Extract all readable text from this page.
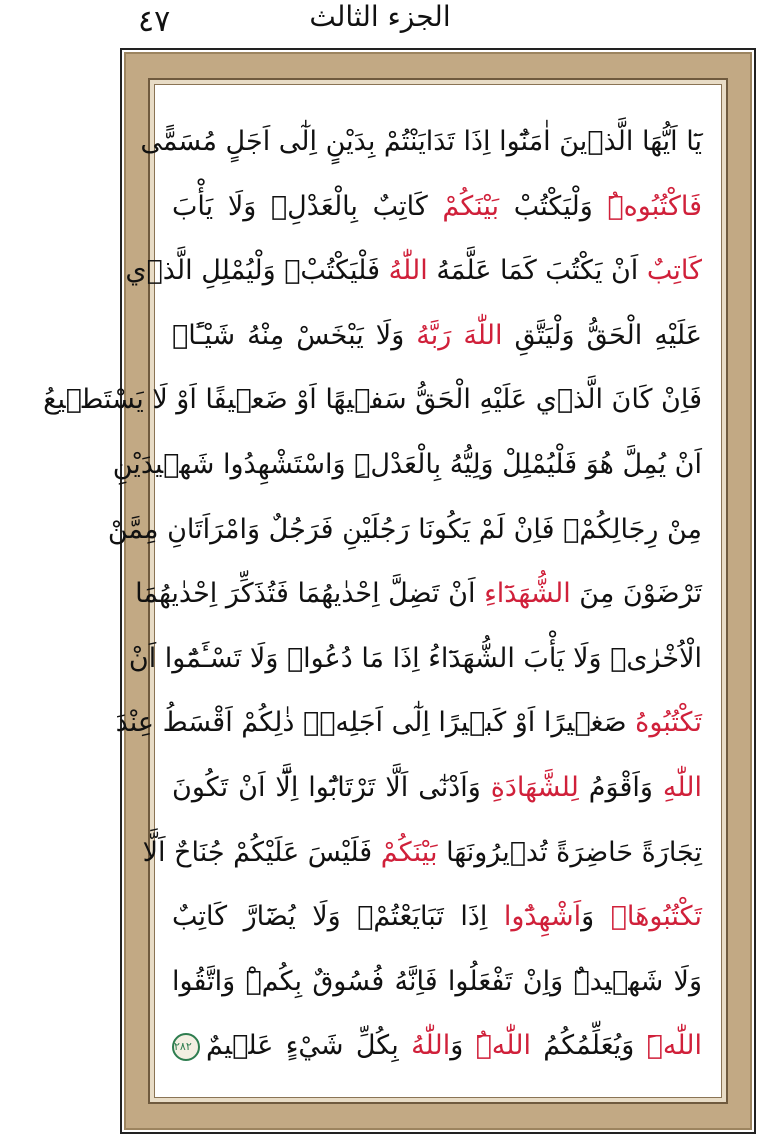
٤٧	الجزء الثالث
يَٓا اَيُّهَا الَّذ۪ينَ اٰمَنُٓوا اِذَا تَدَايَنْتُمْ بِدَيْنٍ اِلٰٓى اَجَلٍ مُسَمًّى
فَاكْتُبُوهُۜ وَلْيَكْتُبْ بَيْنَكُمْ كَاتِبٌ بِالْعَدْلِۖ وَلَا يَأْبَ
كَاتِبٌ اَنْ يَكْتُبَ كَمَا عَلَّمَهُ اللّٰهُ فَلْيَكْتُبْۚ وَلْيُمْلِلِ الَّذ۪ي
عَلَيْهِ الْحَقُّ وَلْيَتَّقِ اللّٰهَ رَبَّهُ وَلَا يَبْخَسْ مِنْهُ شَيْـًٔاۜ
فَاِنْ كَانَ الَّذ۪ي عَلَيْهِ الْحَقُّ سَف۪يهًا اَوْ ضَع۪يفًا اَوْ لَا يَسْتَط۪يعُ
اَنْ يُمِلَّ هُوَ فَلْيُمْلِلْ وَلِيُّهُ بِالْعَدْلِۜ وَاسْتَشْهِدُوا شَه۪يدَيْنِ
مِنْ رِجَالِكُمْۚ فَاِنْ لَمْ يَكُونَا رَجُلَيْنِ فَرَجُلٌ وَامْرَاَتَانِ مِمَّنْ
تَرْضَوْنَ مِنَ الشُّهَدَٓاءِ اَنْ تَضِلَّ اِحْدٰيهُمَا فَتُذَكِّرَ اِحْدٰيهُمَا
الْاُخْرٰىۜ وَلَا يَأْبَ الشُّهَدَٓاءُ اِذَا مَا دُعُواۜ وَلَا تَسْـَٔمُٓوا اَنْ
تَكْتُبُوهُ صَغ۪يرًا اَوْ كَب۪يرًا اِلٰٓى اَجَلِه۪ۜ ذٰلِكُمْ اَقْسَطُ عِنْدَ
اللّٰهِ وَاَقْوَمُ لِلشَّهَادَةِ وَاَدْنٰٓى اَلَّا تَرْتَابُٓوا اِلَّٓا اَنْ تَكُونَ
تِجَارَةً حَاضِرَةً تُد۪يرُونَهَا بَيْنَكُمْ فَلَيْسَ عَلَيْكُمْ جُنَاحٌ اَلَّا
تَكْتُبُوهَاۜ وَاَشْهِدُٓوا اِذَا تَبَايَعْتُمْۖ وَلَا يُضَٓارَّ كَاتِبٌ
وَلَا شَه۪يدٌۜ وَاِنْ تَفْعَلُوا فَاِنَّهُ فُسُوقٌ بِكُمْۜ وَاتَّقُوا
اللّٰهَۜ وَيُعَلِّمُكُمُ اللّٰهُۜ وَاللّٰهُ بِكُلِّ شَيْءٍ عَل۪يمٌ٢٨٢
